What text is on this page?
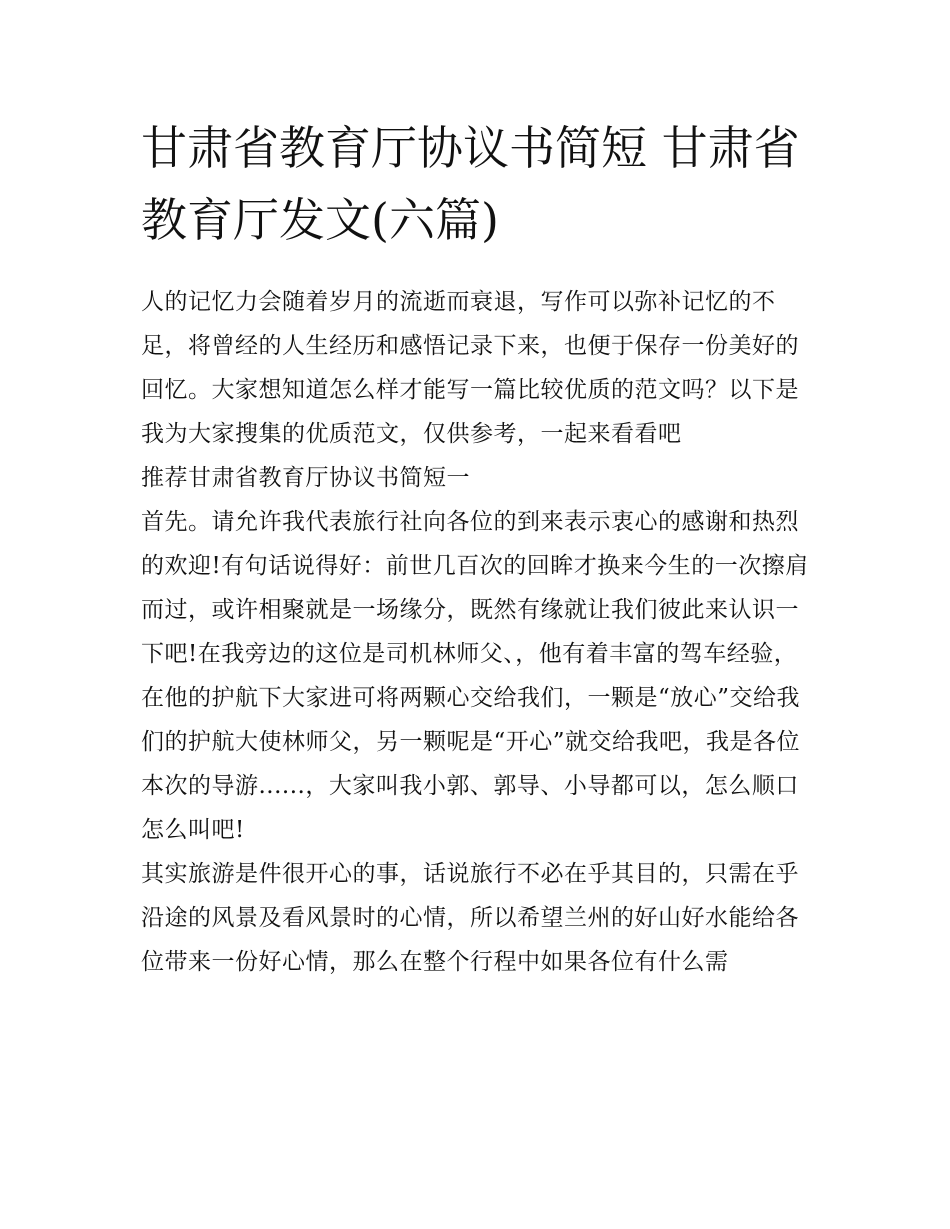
甘肃省教育厅协议书简短 甘肃省教育厅发文(六篇)

人的记忆力会随着岁月的流逝而衰退，写作可以弥补记忆的不足，将曾经的人生经历和感悟记录下来，也便于保存一份美好的回忆。大家想知道怎么样才能写一篇比较优质的范文吗？以下是我为大家搜集的优质范文，仅供参考，一起来看看吧

推荐甘肃省教育厅协议书简短一

首先。请允许我代表旅行社向各位的到来表示衷心的感谢和热烈的欢迎!有句话说得好：前世几百次的回眸才换来今生的一次擦肩而过，或许相聚就是一场缘分，既然有缘就让我们彼此来认识一下吧!在我旁边的这位是司机林师父、，他有着丰富的驾车经验，在他的护航下大家进可将两颗心交给我们，一颗是“放心”交给我们的护航大使林师父，另一颗呢是“开心”就交给我吧，我是各位本次的导游......，大家叫我小郭、郭导、小导都可以，怎么顺口怎么叫吧!

其实旅游是件很开心的事，话说旅行不必在乎其目的，只需在乎沿途的风景及看风景时的心情，所以希望兰州的好山好水能给各位带来一份好心情，那么在整个行程中如果各位有什么需
